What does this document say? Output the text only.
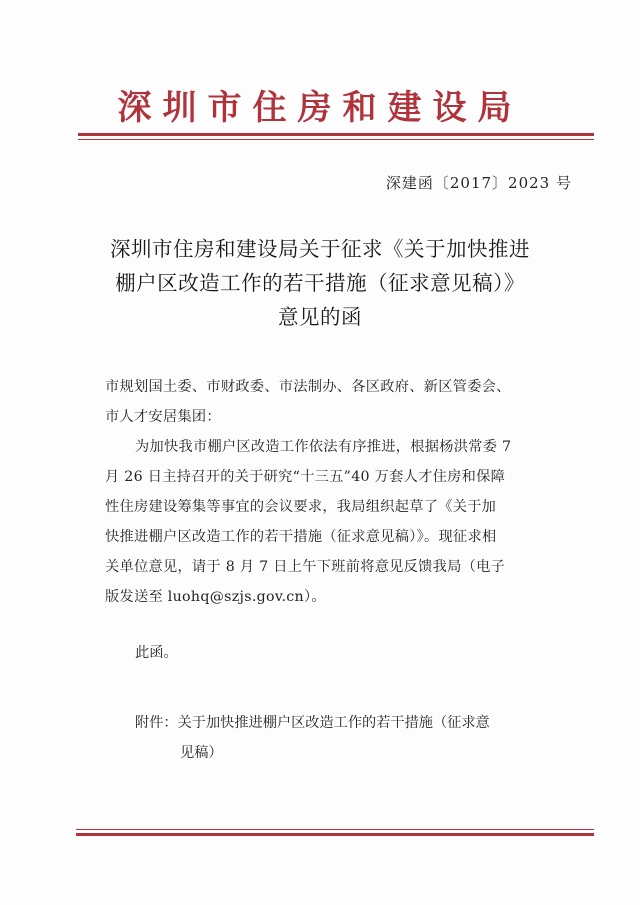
深圳市住房和建设局
深建函〔2017〕2023 号
深圳市住房和建设局关于征求《关于加快推进
棚户区改造工作的若干措施（征求意见稿）》
意见的函
市规划国土委、市财政委、市法制办、各区政府、新区管委会、
市人才安居集团：
为加快我市棚户区改造工作依法有序推进，根据杨洪常委 7
月 26 日主持召开的关于研究“十三五”40 万套人才住房和保障
性住房建设筹集等事宜的会议要求，我局组织起草了《关于加
快推进棚户区改造工作的若干措施（征求意见稿）》。现征求相
关单位意见，请于 8 月 7 日上午下班前将意见反馈我局（电子
版发送至 luohq@szjs.gov.cn）。
此函。
附件： 关于加快推进棚户区改造工作的若干措施（征求意
见稿）
